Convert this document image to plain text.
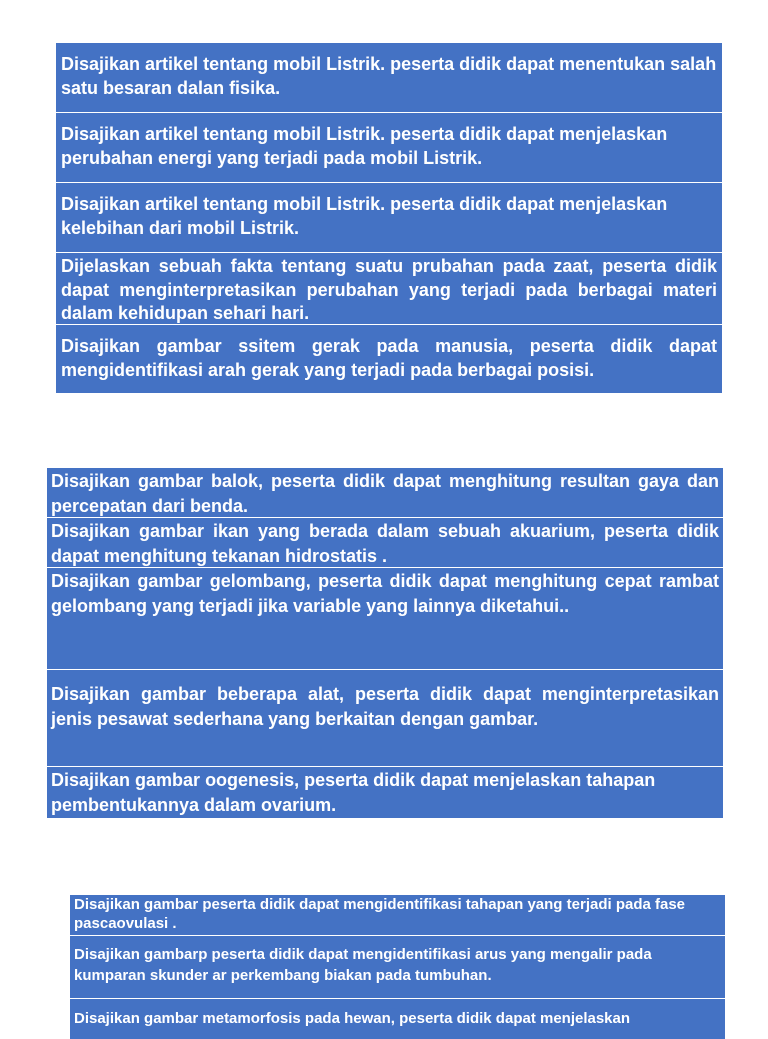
Disajikan artikel tentang mobil Listrik. peserta didik dapat menentukan salah satu besaran dalan fisika.
Disajikan artikel tentang mobil Listrik. peserta didik dapat menjelaskan perubahan energi yang terjadi pada mobil Listrik.
Disajikan artikel tentang mobil Listrik. peserta didik dapat menjelaskan kelebihan dari mobil Listrik.
Dijelaskan sebuah fakta tentang suatu prubahan pada zaat, peserta didik dapat menginterpretasikan perubahan yang terjadi pada berbagai materi dalam kehidupan sehari hari.
Disajikan gambar ssitem gerak pada manusia, peserta didik dapat mengidentifikasi arah gerak yang terjadi pada berbagai posisi.
Disajikan gambar balok, peserta didik dapat menghitung resultan gaya dan percepatan dari benda.
Disajikan gambar ikan yang berada dalam sebuah akuarium, peserta didik dapat menghitung tekanan hidrostatis .
Disajikan gambar gelombang, peserta didik dapat menghitung cepat rambat gelombang yang terjadi jika variable yang lainnya diketahui..
Disajikan gambar beberapa alat, peserta didik dapat menginterpretasikan jenis pesawat sederhana yang berkaitan dengan gambar.
Disajikan gambar oogenesis, peserta didik dapat menjelaskan tahapan pembentukannya dalam ovarium.
Disajikan gambar peserta didik dapat mengidentifikasi tahapan yang terjadi pada fase pascaovulasi .
Disajikan gambarp peserta didik dapat mengidentifikasi arus yang mengalir pada kumparan skunder ar perkembang biakan pada tumbuhan.
Disajikan gambar metamorfosis pada hewan, peserta didik dapat menjelaskan
